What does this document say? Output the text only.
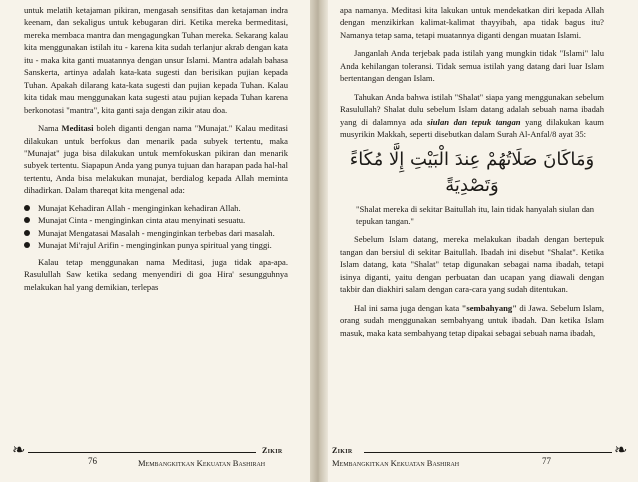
untuk melatih ketajaman pikiran, mengasah sensifitas dan ketajaman indra keenam, dan sekaligus untuk kebugaran diri. Ketika mereka bermeditasi, mereka membaca mantra dan mengagungkan Tuhan mereka. Sekarang kalau kita menggunakan istilah itu - karena kita sudah terlanjur akrab dengan kata itu - maka kita ganti muatannya dengan unsur Islami. Mantra adalah bahasa Sanskerta, artinya adalah kata-kata sugesti dan berisikan pujian kepada Tuhan. Apakah dilarang kata-kata sugesti dan pujian kepada Tuhan. Kalau kita tidak mau menggunakan kata sugesti atau pujian kepada Tuhan karena berkonotasi "mantra", kita ganti saja dengan zikir atau doa.

Nama Meditasi boleh diganti dengan nama "Munajat." Kalau meditasi dilakukan untuk berfokus dan menarik pada subyek tertentu, maka "Munajat" juga bisa dilakukan untuk memfokuskan pikiran dan menarik subyek tertentu. Siapapun Anda yang punya tujuan dan harapan pada hal-hal tertentu, Anda bisa melakukan munajat, berdialog kepada Allah meminta dihadirkan. Dalam thareqat kita mengenal ada:

Munajat Kehadiran Allah - menginginkan kehadiran Allah.
Munajat Cinta - menginginkan cinta atau menyinati sesuatu.
Munajat Mengatasai Masalah - menginginkan terbebas dari masalah.
Munajat Mi'rajul Arifin - menginginkan punya spiritual yang tinggi.

Kalau tetap menggunakan nama Meditasi, juga tidak apa-apa. Rasulullah Saw ketika sedang menyendiri di goa Hira' sesungguhnya melakukan hal yang demikian, terlepas

❧	Zikir
76	Membangkitkan Kekuatan Bashirah

apa namanya. Meditasi kita lakukan untuk mendekatkan diri kepada Allah dengan menzikirkan kalimat-kalimat thayyibah, apa tidak bagus itu? Namanya tetap sama, tetapi muatannya diganti dengan muatan Islami.

Janganlah Anda terjebak pada istilah yang mungkin tidak "Islami" lalu Anda kehilangan toleransi. Tidak semua istilah yang datang dari luar Islam bertentangan dengan Islam.

Tahukan Anda bahwa istilah "Shalat" siapa yang menggunakan sebelum Rasulullah? Shalat dulu sebelum Islam datang adalah sebuah nama ibadah yang di dalamnya ada siulan dan tepuk tangan yang dilakukan kaum musyrikin Makkah, seperti disebutkan dalam Surah Al-Anfal/8 ayat 35:

وَمَاكَانَ صَلَاتُهُمْ عِندَ الْبَيْتِ إِلَّا مُكَاءً وَتَصْدِيَةً

"Shalat mereka di sekitar Baitullah itu, lain tidak hanyalah siulan dan tepukan tangan."

Sebelum Islam datang, mereka melakukan ibadah dengan bertepuk tangan dan bersiul di sekitar Baitullah. Ibadah ini disebut "Shalat". Ketika Islam datang, kata "Shalat" tetap digunakan sebagai nama ibadah, tetapi isinya diganti, yaitu dengan perbuatan dan ucapan yang diawali dengan takbir dan diakhiri salam dengan cara-cara yang sudah ditentukan.

Hal ini sama juga dengan kata "sembahyang" di Jawa. Sebelum Islam, orang sudah menggunakan sembahyang untuk ibadah. Dan ketika Islam masuk, maka kata sembahyang tetap dipakai sebagai sebuah nama ibadah,

Zikir	❧
Membangkitkan Kekuatan Bashirah	77
